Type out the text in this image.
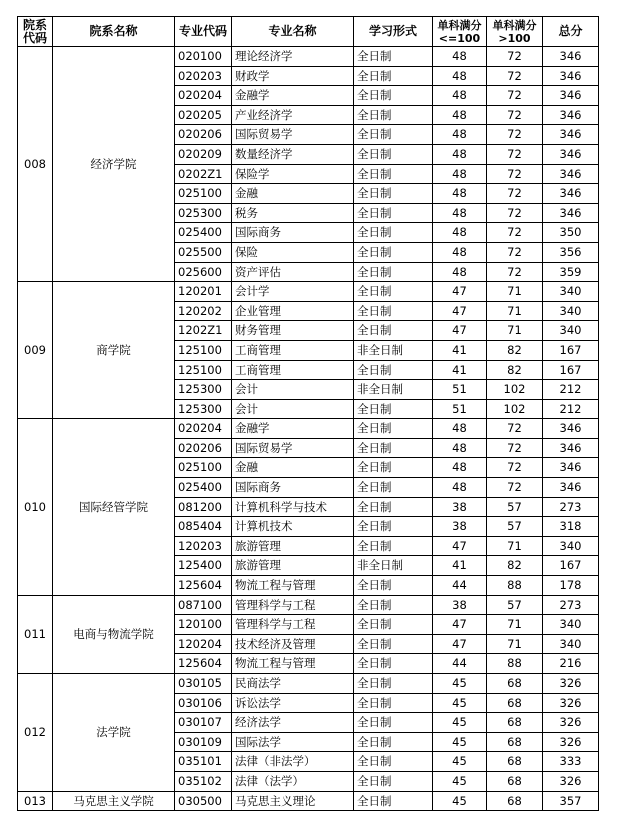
院系代码	院系名称	专业代码	专业名称	学习形式	单科满分<=100	单科满分>100	总分
008	经济学院	020100	理论经济学	全日制	48	72	346
		020203	财政学	全日制	48	72	346
		020204	金融学	全日制	48	72	346
		020205	产业经济学	全日制	48	72	346
		020206	国际贸易学	全日制	48	72	346
		020209	数量经济学	全日制	48	72	346
		0202Z1	保险学	全日制	48	72	346
		025100	金融	全日制	48	72	346
		025300	税务	全日制	48	72	346
		025400	国际商务	全日制	48	72	350
		025500	保险	全日制	48	72	356
		025600	资产评估	全日制	48	72	359
009	商学院	120201	会计学	全日制	47	71	340
		120202	企业管理	全日制	47	71	340
		1202Z1	财务管理	全日制	47	71	340
		125100	工商管理	非全日制	41	82	167
		125100	工商管理	全日制	41	82	167
		125300	会计	非全日制	51	102	212
		125300	会计	全日制	51	102	212
010	国际经管学院	020204	金融学	全日制	48	72	346
		020206	国际贸易学	全日制	48	72	346
		025100	金融	全日制	48	72	346
		025400	国际商务	全日制	48	72	346
		081200	计算机科学与技术	全日制	38	57	273
		085404	计算机技术	全日制	38	57	318
		120203	旅游管理	全日制	47	71	340
		125400	旅游管理	非全日制	41	82	167
		125604	物流工程与管理	全日制	44	88	178
011	电商与物流学院	087100	管理科学与工程	全日制	38	57	273
		120100	管理科学与工程	全日制	47	71	340
		120204	技术经济及管理	全日制	47	71	340
		125604	物流工程与管理	全日制	44	88	216
012	法学院	030105	民商法学	全日制	45	68	326
		030106	诉讼法学	全日制	45	68	326
		030107	经济法学	全日制	45	68	326
		030109	国际法学	全日制	45	68	326
		035101	法律（非法学）	全日制	45	68	333
		035102	法律（法学）	全日制	45	68	326
013	马克思主义学院	030500	马克思主义理论	全日制	45	68	357
